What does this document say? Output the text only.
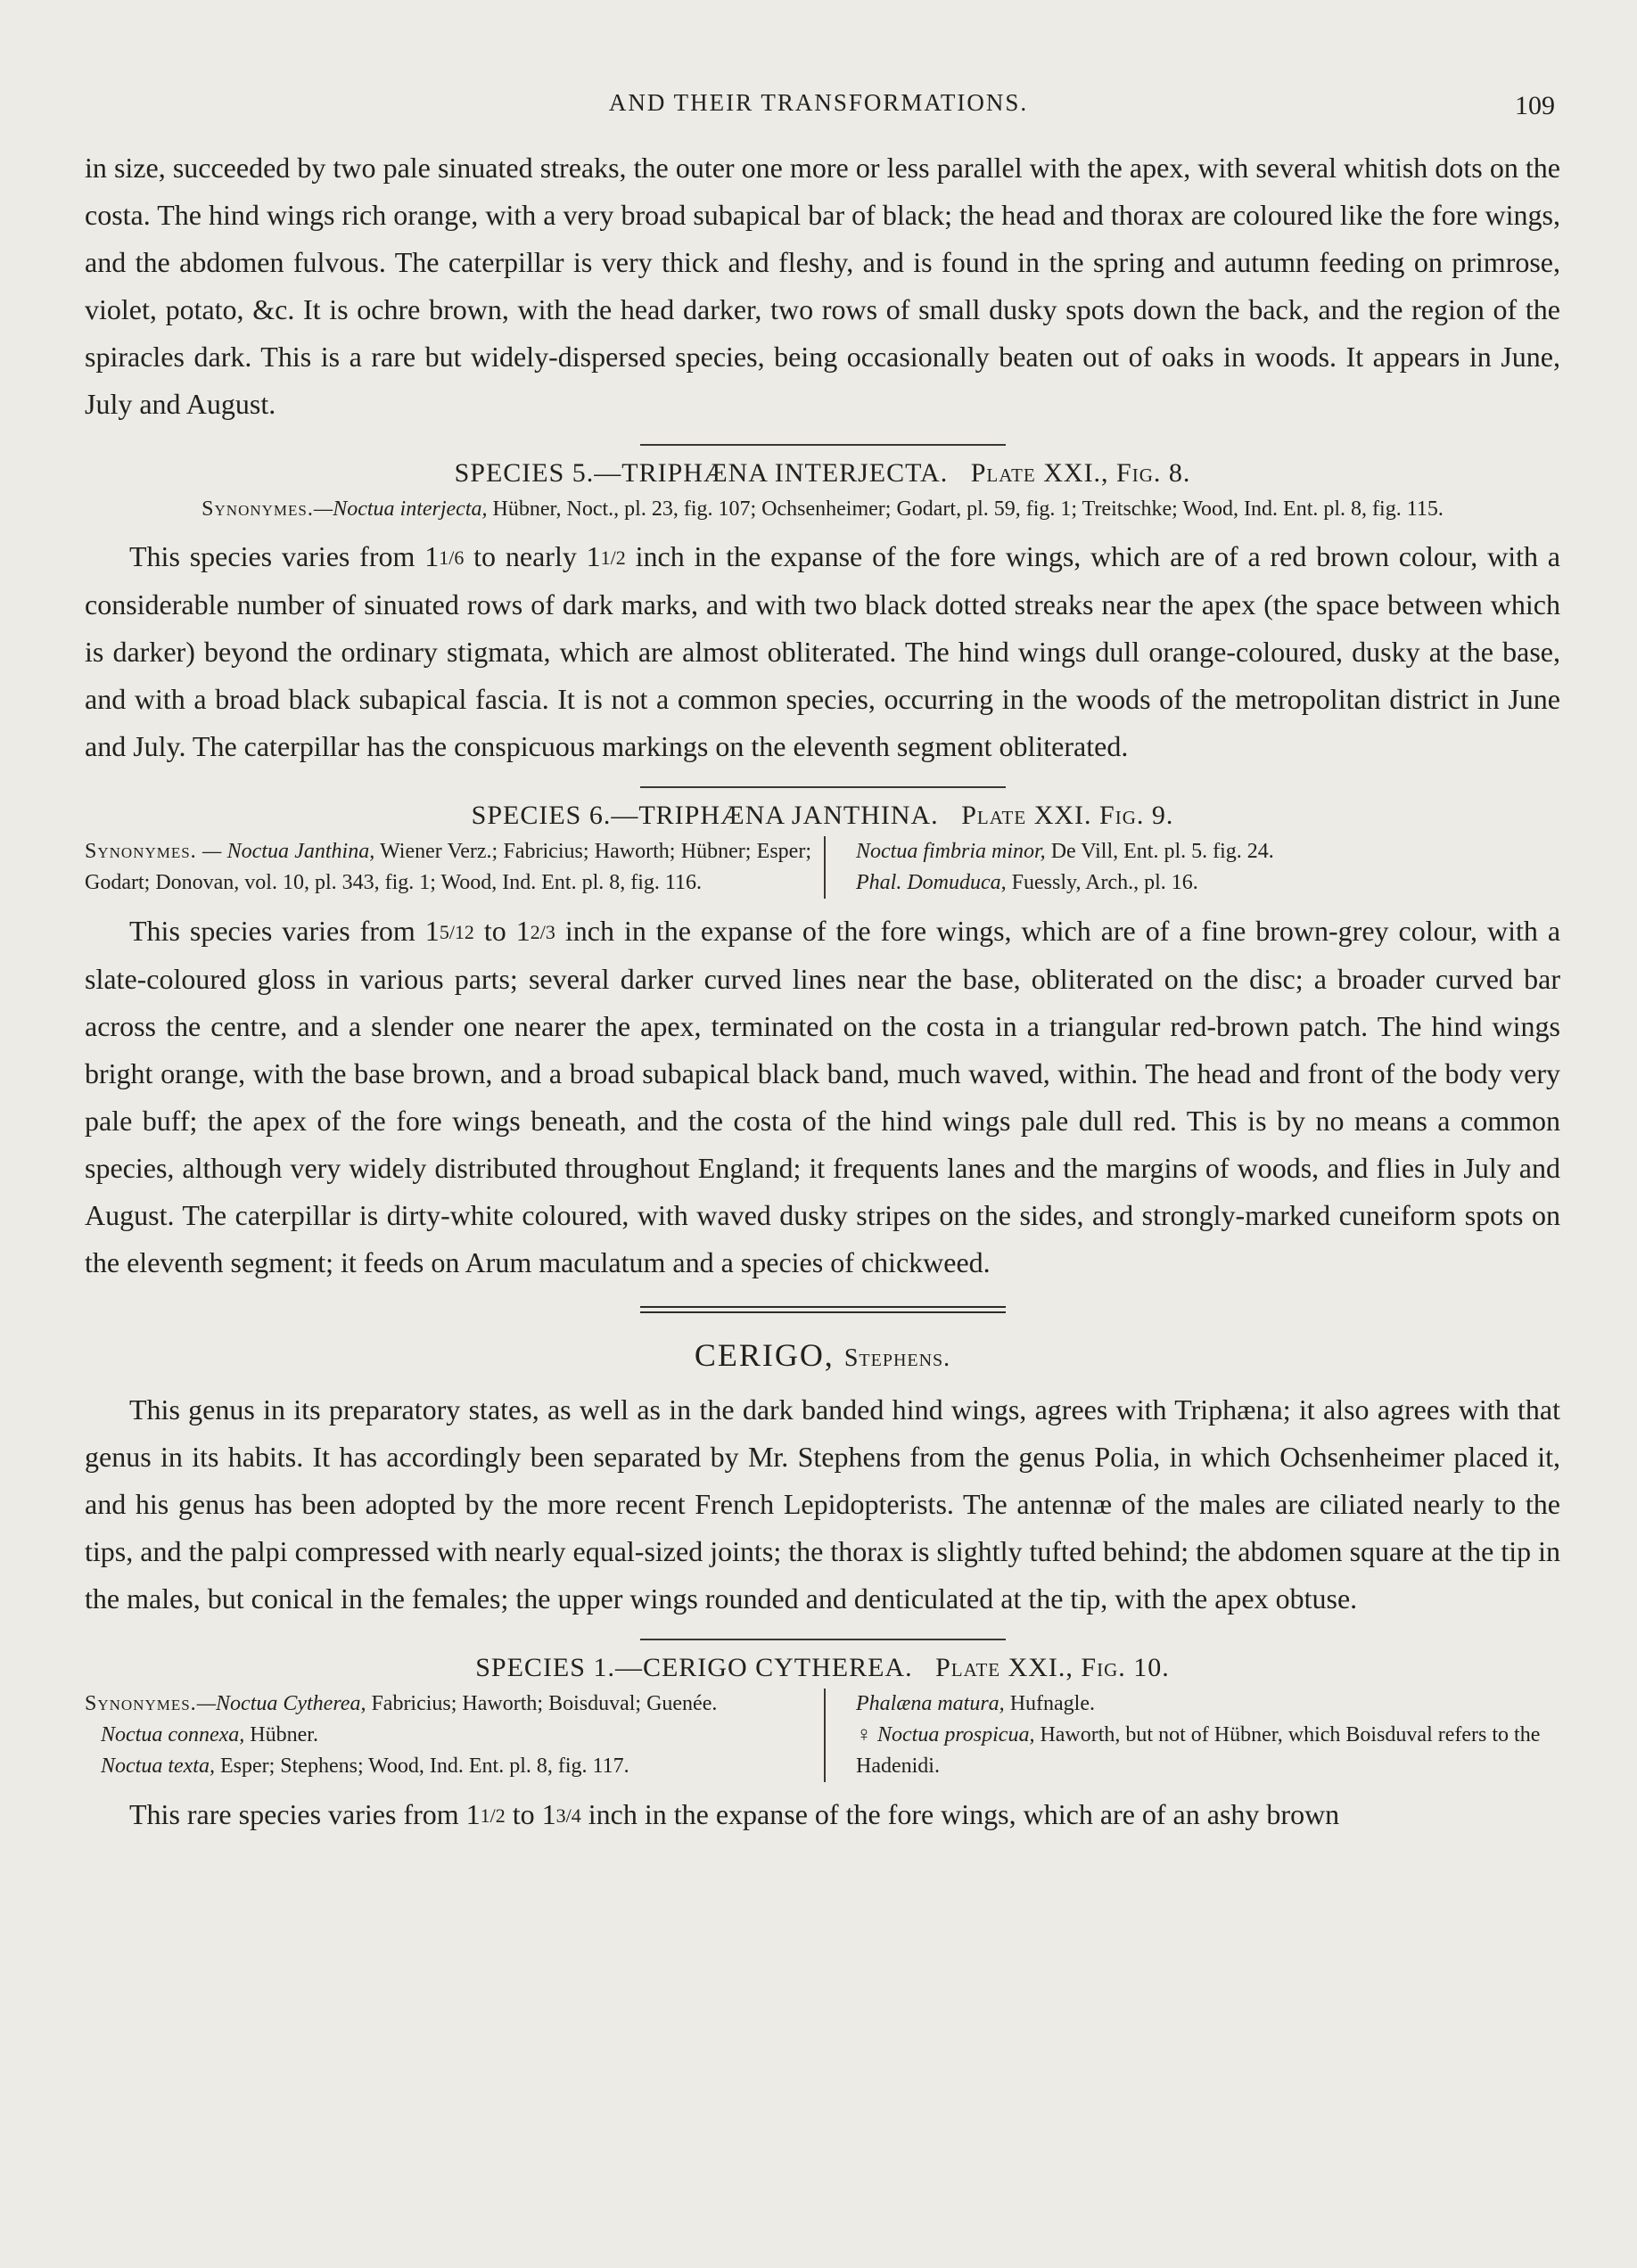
AND THEIR TRANSFORMATIONS.	109

in size, succeeded by two pale sinuated streaks, the outer one more or less parallel with the apex, with several whitish dots on the costa. The hind wings rich orange, with a very broad subapical bar of black; the head and thorax are coloured like the fore wings, and the abdomen fulvous. The caterpillar is very thick and fleshy, and is found in the spring and autumn feeding on primrose, violet, potato, &c. It is ochre brown, with the head darker, two rows of small dusky spots down the back, and the region of the spiracles dark. This is a rare but widely-dispersed species, being occasionally beaten out of oaks in woods. It appears in June, July and August.

SPECIES 5.—TRIPHÆNA INTERJECTA. Plate XXI., Fig. 8.
Synonymes.—Noctua interjecta, Hübner, Noct., pl. 23, fig. 107; Ochsenheimer; Godart, pl. 59, fig. 1; Treitschke; Wood, Ind. Ent. pl. 8, fig. 115.

This species varies from 11/6 to nearly 11/2 inch in the expanse of the fore wings, which are of a red brown colour, with a considerable number of sinuated rows of dark marks, and with two black dotted streaks near the apex (the space between which is darker) beyond the ordinary stigmata, which are almost obliterated. The hind wings dull orange-coloured, dusky at the base, and with a broad black subapical fascia. It is not a common species, occurring in the woods of the metropolitan district in June and July. The caterpillar has the conspicuous markings on the eleventh segment obliterated.

SPECIES 6.—TRIPHÆNA JANTHINA. Plate XXI. Fig. 9.
Synonymes. — Noctua Janthina, Wiener Verz.; Fabricius; Haworth; Hübner; Esper; Godart; Donovan, vol. 10, pl. 343, fig. 1; Wood, Ind. Ent. pl. 8, fig. 116.
Noctua fimbria minor, De Vill, Ent. pl. 5. fig. 24.
Phal. Domuduca, Fuessly, Arch., pl. 16.

This species varies from 15/12 to 12/3 inch in the expanse of the fore wings, which are of a fine brown-grey colour, with a slate-coloured gloss in various parts; several darker curved lines near the base, obliterated on the disc; a broader curved bar across the centre, and a slender one nearer the apex, terminated on the costa in a triangular red-brown patch. The hind wings bright orange, with the base brown, and a broad subapical black band, much waved, within. The head and front of the body very pale buff; the apex of the fore wings beneath, and the costa of the hind wings pale dull red. This is by no means a common species, although very widely distributed throughout England; it frequents lanes and the margins of woods, and flies in July and August. The caterpillar is dirty-white coloured, with waved dusky stripes on the sides, and strongly-marked cuneiform spots on the eleventh segment; it feeds on Arum maculatum and a species of chickweed.

CERIGO, Stephens.

This genus in its preparatory states, as well as in the dark banded hind wings, agrees with Triphæna; it also agrees with that genus in its habits. It has accordingly been separated by Mr. Stephens from the genus Polia, in which Ochsenheimer placed it, and his genus has been adopted by the more recent French Lepidopterists. The antennæ of the males are ciliated nearly to the tips, and the palpi compressed with nearly equal-sized joints; the thorax is slightly tufted behind; the abdomen square at the tip in the males, but conical in the females; the upper wings rounded and denticulated at the tip, with the apex obtuse.

SPECIES 1.—CERIGO CYTHEREA. Plate XXI., Fig. 10.
Synonymes.—Noctua Cytherea, Fabricius; Haworth; Boisduval; Guenée.
Noctua connexa, Hübner.
Noctua texta, Esper; Stephens; Wood, Ind. Ent. pl. 8, fig. 117.
Phalæna matura, Hufnagle.
♀ Noctua prospicua, Haworth, but not of Hübner, which Boisduval refers to the Hadenidi.

This rare species varies from 11/2 to 13/4 inch in the expanse of the fore wings, which are of an ashy brown
